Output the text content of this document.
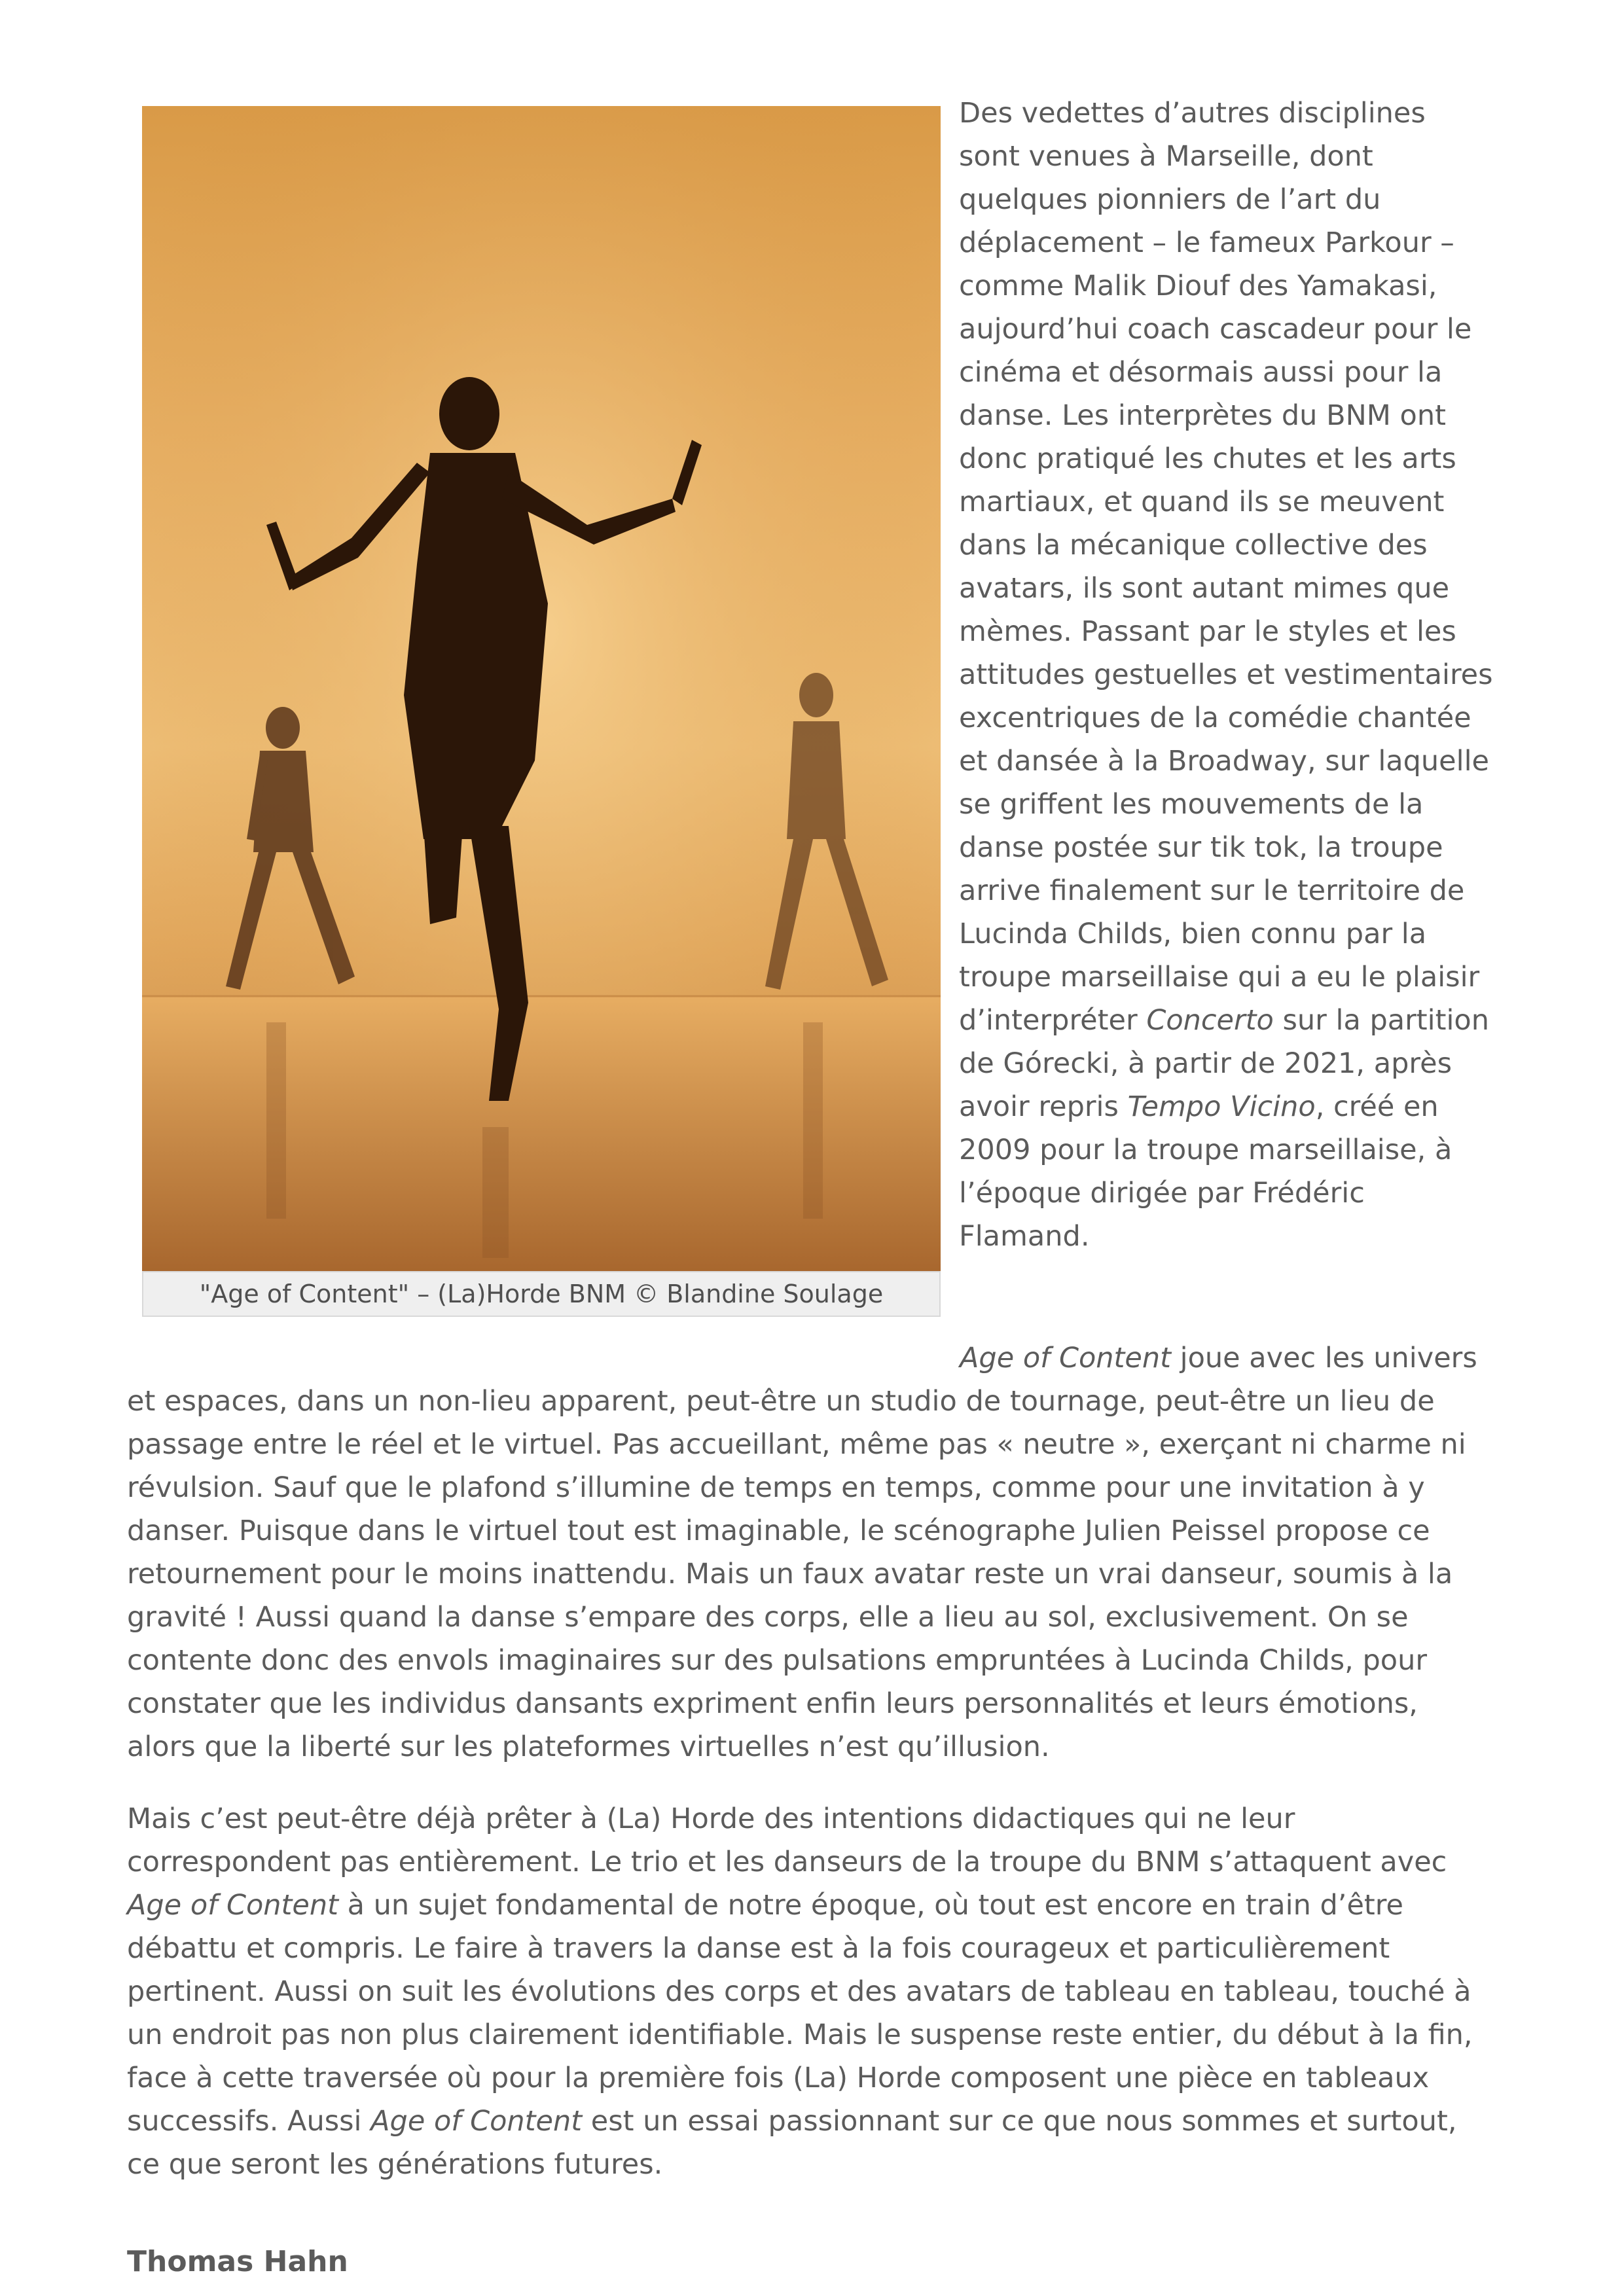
"Age of Content" – (La)Horde BNM © Blandine Soulage

Des vedettes d’autres disciplines sont venues à Marseille, dont quelques pionniers de l’art du déplacement – le fameux Parkour – comme Malik Diouf des Yamakasi, aujourd’hui coach cascadeur pour le cinéma et désormais aussi pour la danse. Les interprètes du BNM ont donc pratiqué les chutes et les arts martiaux, et quand ils se meuvent dans la mécanique collective des avatars, ils sont autant mimes que mèmes. Passant par le styles et les attitudes gestuelles et vestimentaires excentriques de la comédie chantée et dansée à la Broadway, sur laquelle se griffent les mouvements de la danse postée sur tik tok, la troupe arrive finalement sur le territoire de Lucinda Childs, bien connu par la troupe marseillaise qui a eu le plaisir d’interpréter Concerto sur la partition de Górecki, à partir de 2021, après avoir repris Tempo Vicino, créé en 2009 pour la troupe marseillaise, à l’époque dirigée par Frédéric Flamand.

Age of Content joue avec les univers et espaces, dans un non-lieu apparent, peut-être un studio de tournage, peut-être un lieu de passage entre le réel et le virtuel. Pas accueillant, même pas « neutre », exerçant ni charme ni révulsion. Sauf que le plafond s’illumine de temps en temps, comme pour une invitation à y danser. Puisque dans le virtuel tout est imaginable, le scénographe Julien Peissel propose ce retournement pour le moins inattendu. Mais un faux avatar reste un vrai danseur, soumis à la gravité ! Aussi quand la danse s’empare des corps, elle a lieu au sol, exclusivement. On se contente donc des envols imaginaires sur des pulsations empruntées à Lucinda Childs, pour constater que les individus dansants expriment enfin leurs personnalités et leurs émotions, alors que la liberté sur les plateformes virtuelles n’est qu’illusion.

Mais c’est peut-être déjà prêter à (La) Horde des intentions didactiques qui ne leur correspondent pas entièrement. Le trio et les danseurs de la troupe du BNM s’attaquent avec Age of Content à un sujet fondamental de notre époque, où tout est encore en train d’être débattu et compris. Le faire à travers la danse est à la fois courageux et particulièrement pertinent. Aussi on suit les évolutions des corps et des avatars de tableau en tableau, touché à un endroit pas non plus clairement identifiable. Mais le suspense reste entier, du début à la fin, face à cette traversée où pour la première fois (La) Horde composent une pièce en tableaux successifs. Aussi Age of Content est un essai passionnant sur ce que nous sommes et surtout, ce que seront les générations futures.

Thomas Hahn
